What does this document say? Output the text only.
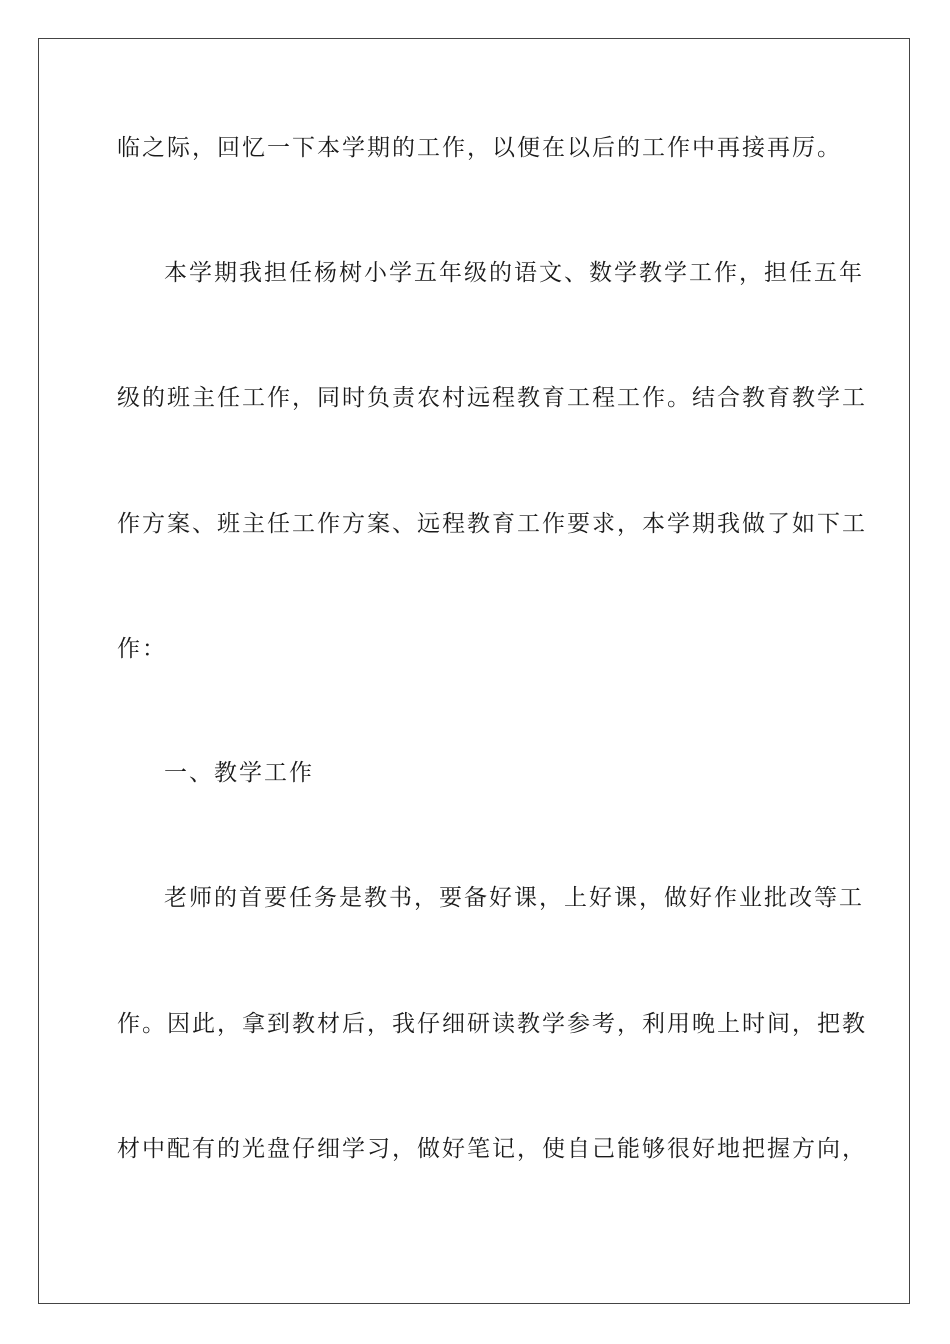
临之际，回忆一下本学期的工作，以便在以后的工作中再接再厉。
本学期我担任杨树小学五年级的语文、数学教学工作，担任五年
级的班主任工作，同时负责农村远程教育工程工作。结合教育教学工
作方案、班主任工作方案、远程教育工作要求，本学期我做了如下工
作：
一、教学工作
老师的首要任务是教书，要备好课，上好课，做好作业批改等工
作。因此，拿到教材后，我仔细研读教学参考，利用晚上时间，把教
材中配有的光盘仔细学习，做好笔记，使自己能够很好地把握方向，
